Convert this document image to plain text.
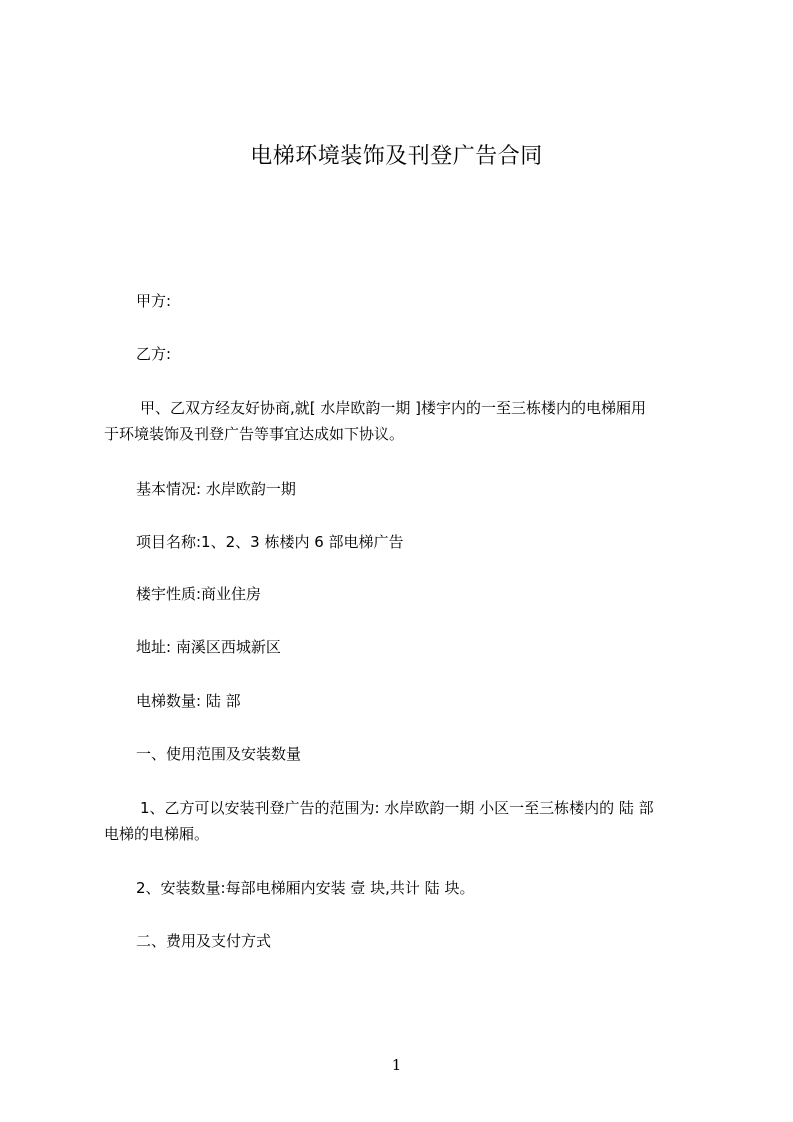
电梯环境装饰及刊登广告合同
甲方:
乙方:
甲、乙双方经友好协商,就[ 水岸欧韵一期 ]楼宇内的一至三栋楼内的电梯厢用
于环境装饰及刊登广告等事宜达成如下协议。
基本情况: 水岸欧韵一期
项目名称:1、2、3 栋楼内 6 部电梯广告
楼宇性质:商业住房
地址: 南溪区西城新区
电梯数量: 陆 部
一、使用范围及安装数量
1、乙方可以安装刊登广告的范围为: 水岸欧韵一期 小区一至三栋楼内的 陆 部
电梯的电梯厢。
2、安装数量:每部电梯厢内安装 壹 块,共计 陆 块。
二、费用及支付方式
1
